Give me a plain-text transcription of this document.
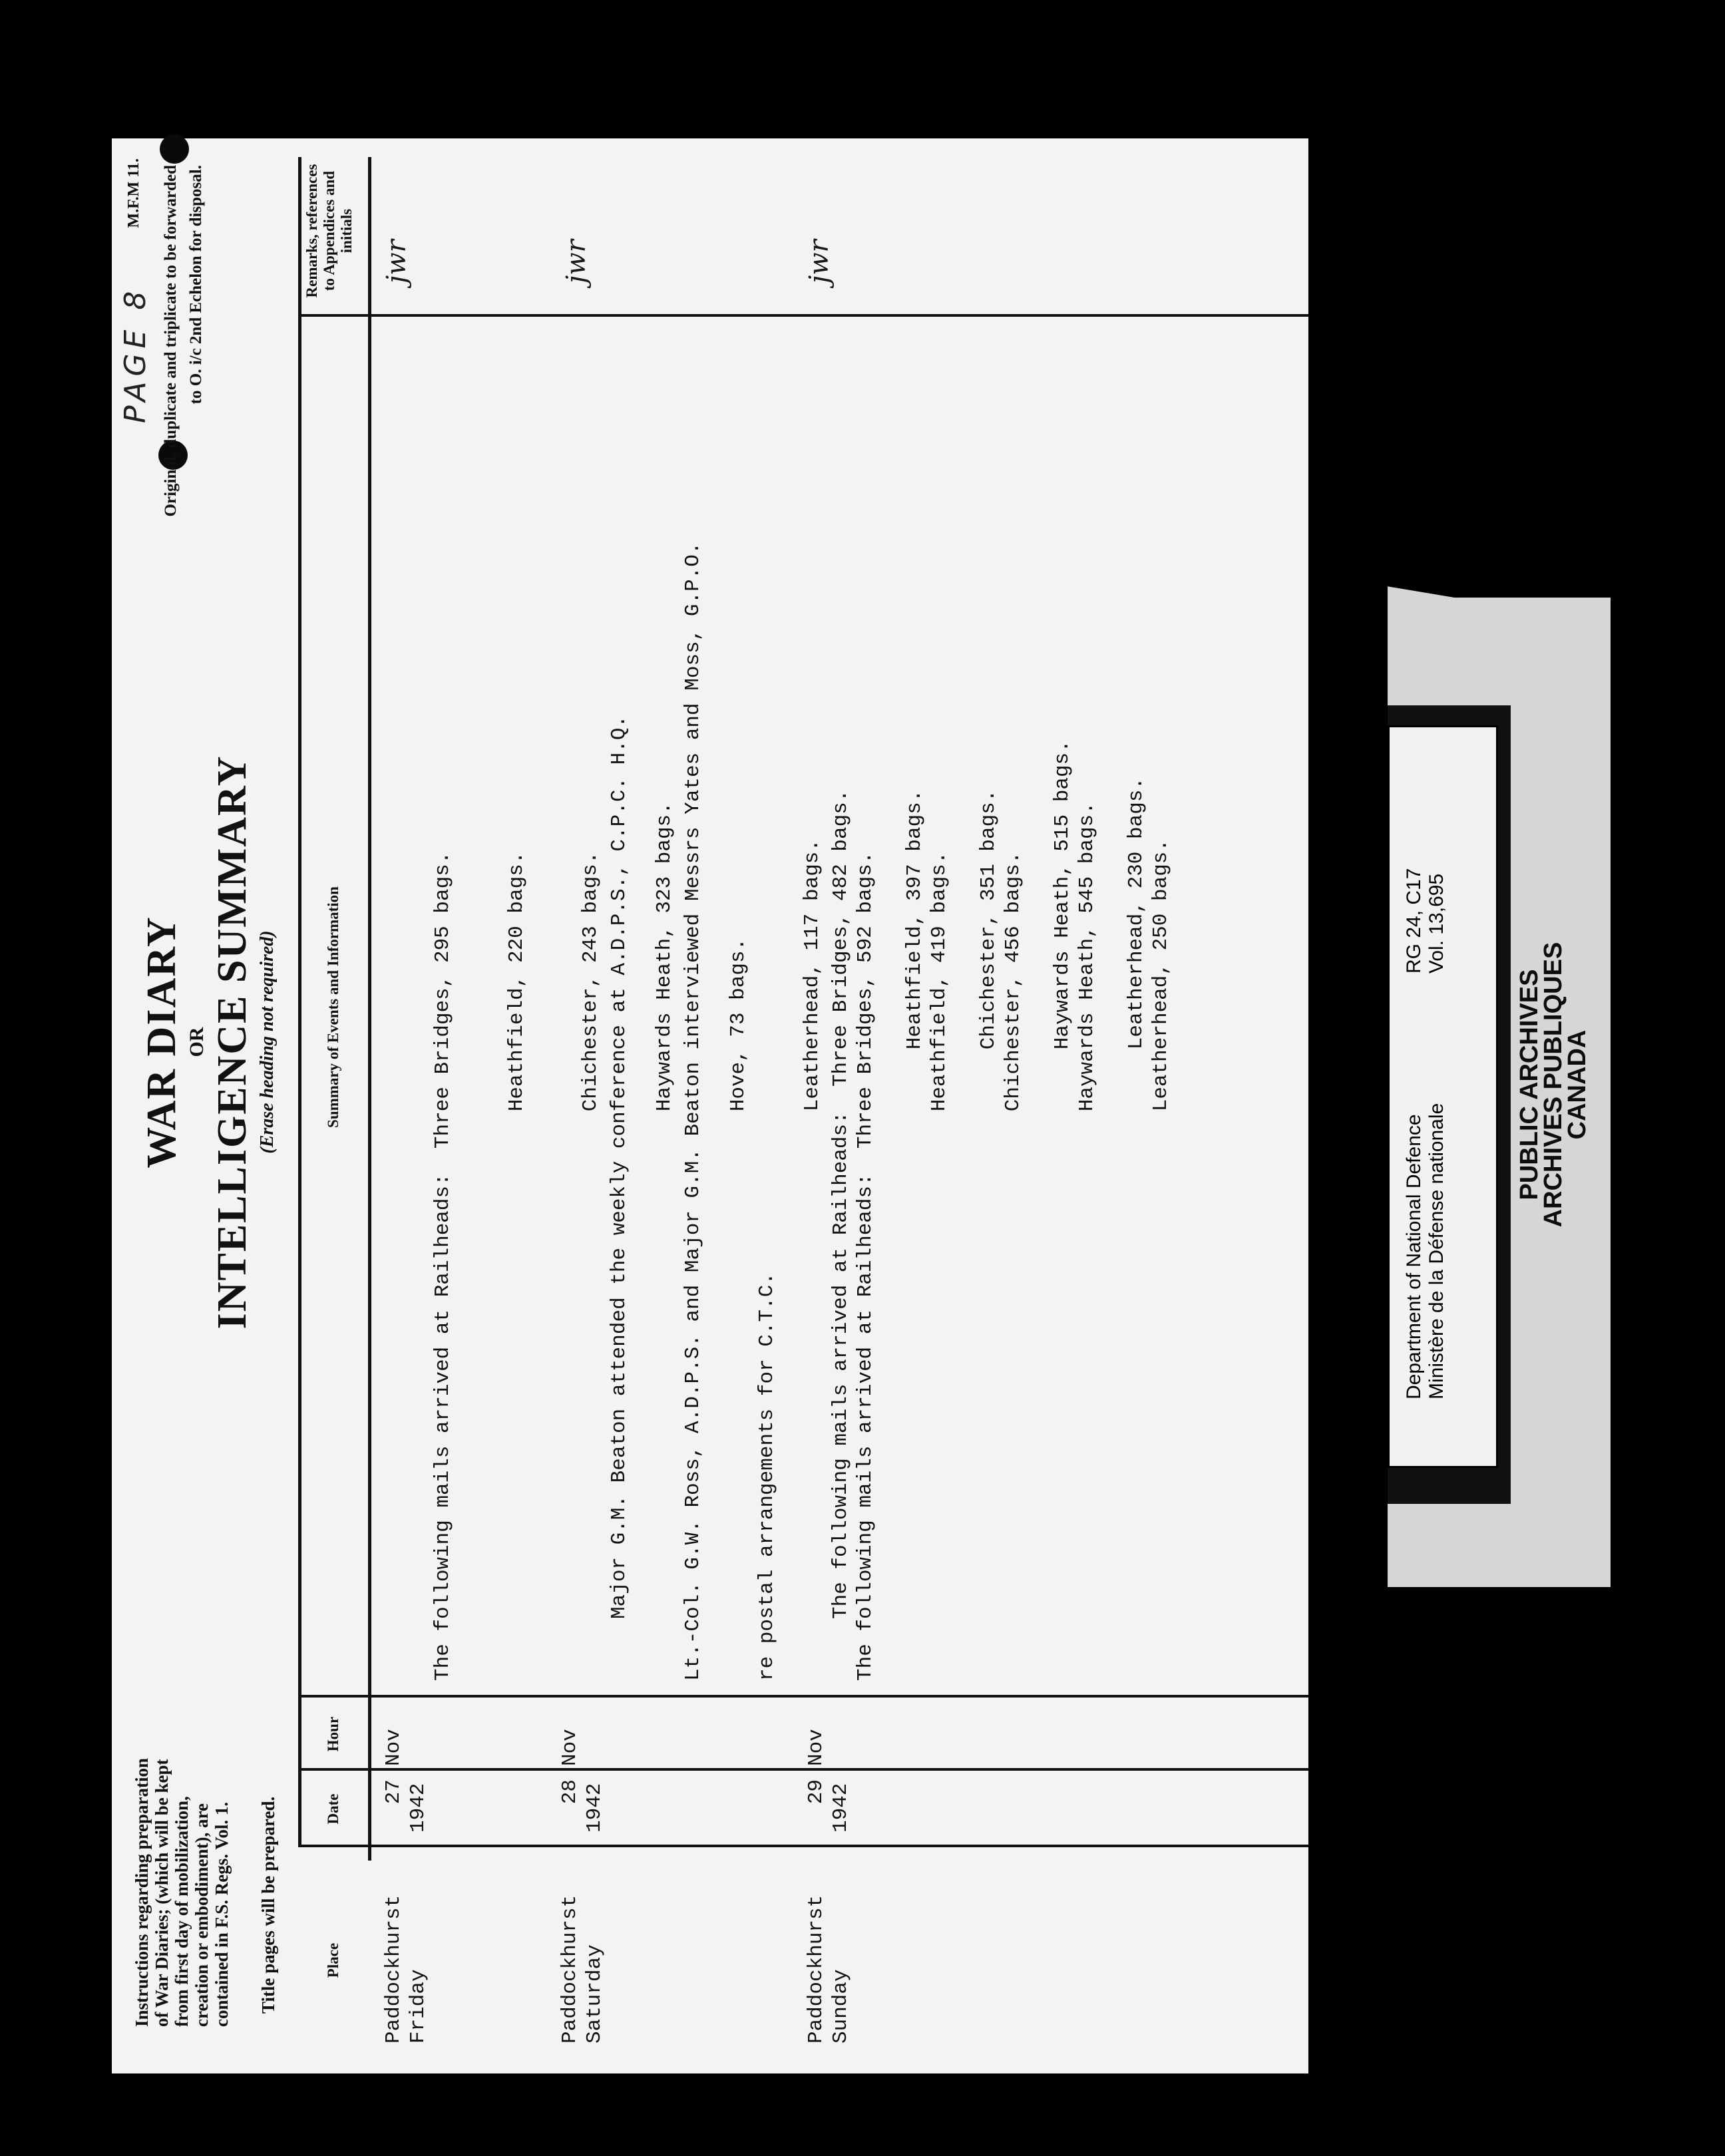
Instructions regarding preparation of War Diaries; (which will be kept from first day of mobilization, creation or embodiment), are contained in F.S. Regs. Vol. 1. Title pages will be prepared.
WAR DIARY OR INTELLIGENCE SUMMARY (Erase heading not required)
PAGE 8
M.F.M 11. Original, duplicate and triplicate to be forwarded to O. i/c 2nd Echelon for disposal.
Place
Date
Hour
Summary of Events and Information
Remarks, references to Appendices and initials
Paddockhurst Friday
27 1942
Nov

The following mails arrived at Railheads:  Three Bridges, 295 bags.

Heathfield, 220 bags.

Chichester, 243 bags.

Haywards Heath, 323 bags.

Hove, 73 bags.

Leatherhead, 117 bags.

jwr
Paddockhurst Saturday
28 1942
Nov

Major G.M. Beaton attended the weekly conference at A.D.P.S., C.P.C. H.Q.

Lt.-Col. G.W. Ross, A.D.P.S. and Major G.M. Beaton interviewed Messrs Yates and Moss, G.P.O.

re postal arrangements for C.T.C.

The following mails arrived at Railheads:  Three Bridges, 482 bags.

Heathfield, 397 bags.

Chichester, 351 bags.

Haywards Heath, 515 bags.

Leatherhead, 230 bags.

jwr
Paddockhurst Sunday
29 1942
Nov

The following mails arrived at Railheads:  Three Bridges, 592 bags.

Heathfield, 419 bags.

Chichester, 456 bags.

Haywards Heath, 545 bags.

Leatherhead, 250 bags.

jwr
Department of National Defence Ministère de la Défense nationale
RG 24, C17 Vol. 13,695
PUBLIC ARCHIVES
ARCHIVES PUBLIQUES
CANADA
